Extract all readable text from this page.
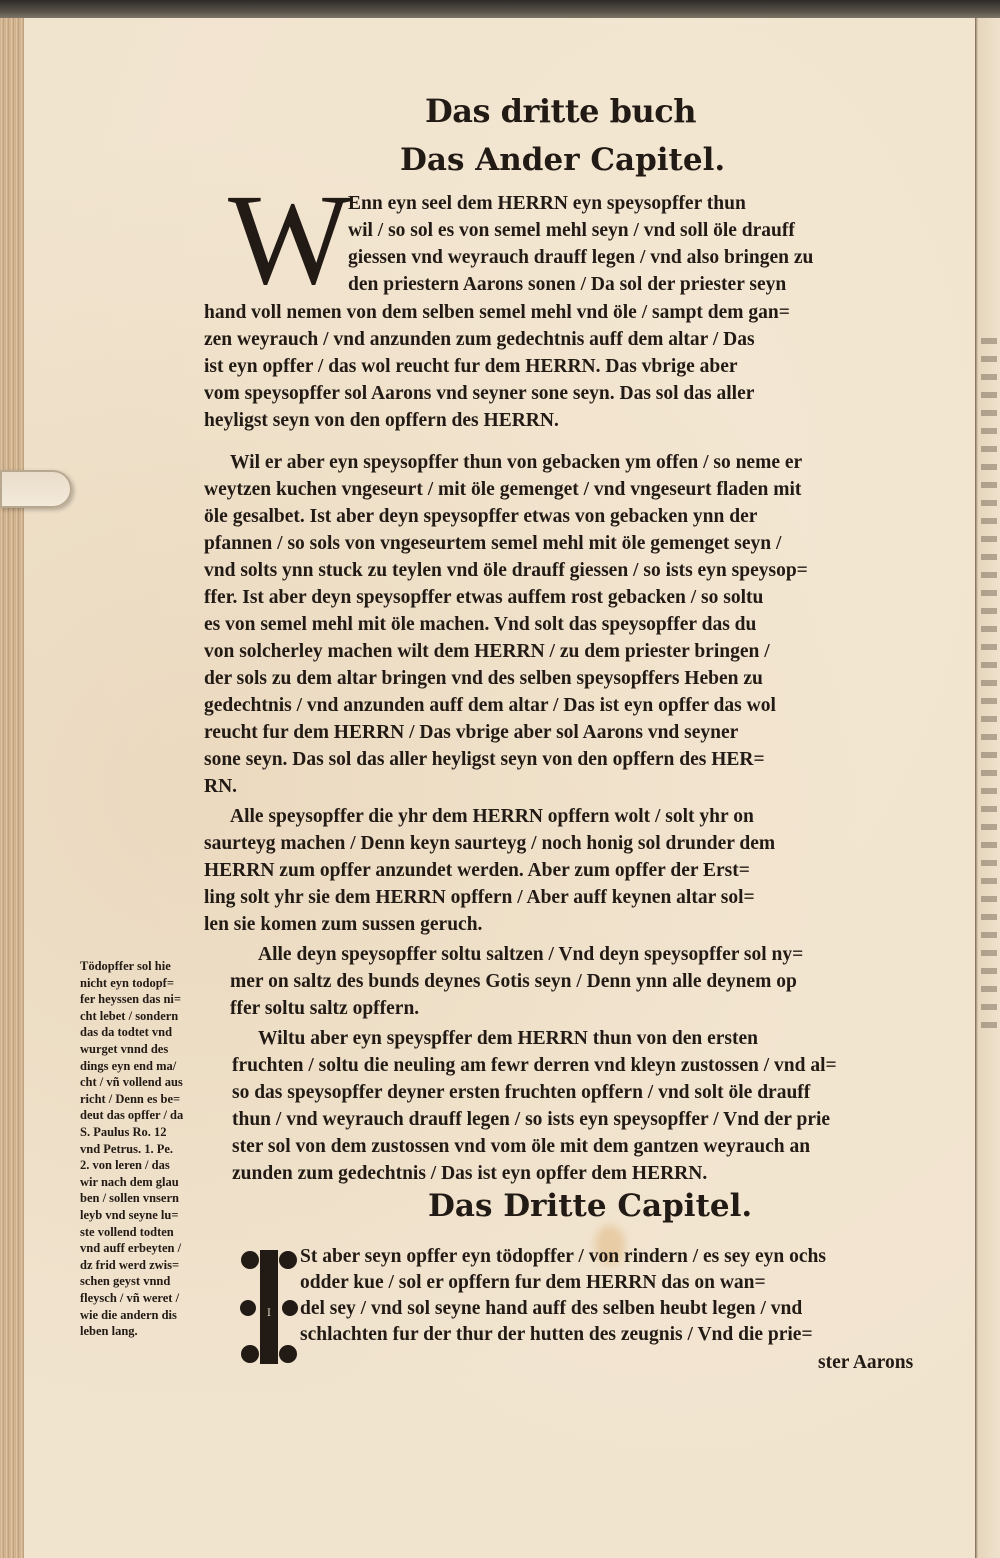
Das dritte buch
Das Ander Capitel.
W
Enn eyn seel dem HERRN eyn speysopffer thun
wil / so sol es von semel mehl seyn / vnd soll öle drauff
giessen vnd weyrauch drauff legen / vnd also bringen zu
den priestern Aarons sonen / Da sol der priester seyn
hand voll nemen von dem selben semel mehl vnd öle / sampt dem gan=
zen weyrauch / vnd anzunden zum gedechtnis auff dem altar / Das
ist eyn opffer / das wol reucht fur dem HERRN. Das vbrige aber
vom speysopffer sol Aarons vnd seyner sone seyn. Das sol das aller
heyligst seyn von den opffern des HERRN.
Wil er aber eyn speysopffer thun von gebacken ym offen / so neme er
weytzen kuchen vngeseurt / mit öle gemenget / vnd vngeseurt fladen mit
öle gesalbet. Ist aber deyn speysopffer etwas von gebacken ynn der
pfannen / so sols von vngeseurtem semel mehl mit öle gemenget seyn /
vnd solts ynn stuck zu teylen vnd öle drauff giessen / so ists eyn speysop=
ffer. Ist aber deyn speysopffer etwas auffem rost gebacken / so soltu
es von semel mehl mit öle machen. Vnd solt das speysopffer das du
von solcherley machen wilt dem HERRN / zu dem priester bringen /
der sols zu dem altar bringen vnd des selben speysopffers Heben zu
gedechtnis / vnd anzunden auff dem altar / Das ist eyn opffer das wol
reucht fur dem HERRN / Das vbrige aber sol Aarons vnd seyner
sone seyn. Das sol das aller heyligst seyn von den opffern des HER=
RN.
Alle speysopffer die yhr dem HERRN opffern wolt / solt yhr on
saurteyg machen / Denn keyn saurteyg / noch honig sol drunder dem
HERRN zum opffer anzundet werden. Aber zum opffer der Erst=
ling solt yhr sie dem HERRN opffern / Aber auff keynen altar sol=
len sie komen zum sussen geruch.
Alle deyn speysopffer soltu saltzen / Vnd deyn speysopffer sol ny=
mer on saltz des bunds deynes Gotis seyn / Denn ynn alle deynem op
ffer soltu saltz opffern.
Wiltu aber eyn speyspffer dem HERRN thun von den ersten
fruchten / soltu die neuling am fewr derren vnd kleyn zustossen / vnd al=
so das speysopffer deyner ersten fruchten opffern / vnd solt öle drauff
thun / vnd weyrauch drauff legen / so ists eyn speysopffer / Vnd der prie
ster sol von dem zustossen vnd vom öle mit dem gantzen weyrauch an
zunden zum gedechtnis / Das ist eyn opffer dem HERRN.
Tödopffer sol hie
nicht eyn todopf=
fer heyssen das ni=
cht lebet / sondern
das da todtet vnd
wurget vnnd des
dings eyn end ma/
cht / vñ vollend aus
richt / Denn es be=
deut das opffer / da
S. Paulus Ro. 12
vnd Petrus. 1. Pe.
2. von leren / das
wir nach dem glau
ben / sollen vnsern
leyb vnd seyne lu=
ste vollend todten
vnd auff erbeyten /
dz frid werd zwis=
schen geyst vnnd
fleysch / vñ weret /
wie die andern dis
leben lang.
Das Dritte Capitel.
I
St aber seyn opffer eyn tödopffer / von rindern / es sey eyn ochs
odder kue / sol er opffern fur dem HERRN das on wan=
del sey / vnd sol seyne hand auff des selben heubt legen / vnd
schlachten fur der thur der hutten des zeugnis / Vnd die prie=
ster Aarons
